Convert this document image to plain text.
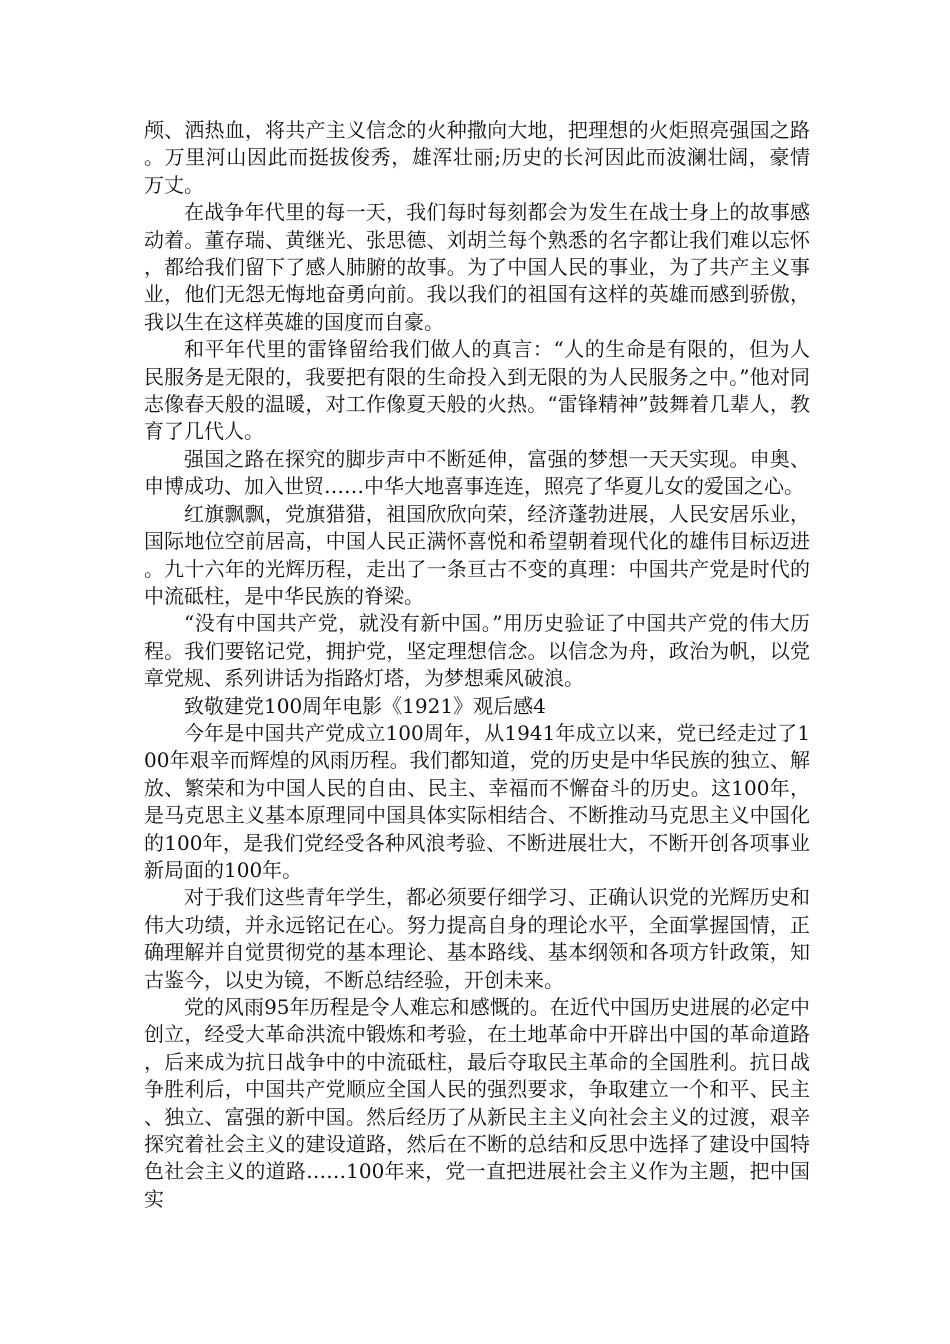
颅、洒热血，将共产主义信念的火种撒向大地，把理想的火炬照亮强国之路。万里河山因此而挺拔俊秀，雄浑壮丽;历史的长河因此而波澜壮阔，豪情万丈。

在战争年代里的每一天，我们每时每刻都会为发生在战士身上的故事感动着。董存瑞、黄继光、张思德、刘胡兰每个熟悉的名字都让我们难以忘怀，都给我们留下了感人肺腑的故事。为了中国人民的事业，为了共产主义事业，他们无怨无悔地奋勇向前。我以我们的祖国有这样的英雄而感到骄傲，我以生在这样英雄的国度而自豪。

和平年代里的雷锋留给我们做人的真言：“人的生命是有限的，但为人民服务是无限的，我要把有限的生命投入到无限的为人民服务之中。”他对同志像春天般的温暖，对工作像夏天般的火热。“雷锋精神”鼓舞着几辈人，教育了几代人。

强国之路在探究的脚步声中不断延伸，富强的梦想一天天实现。申奥、申博成功、加入世贸……中华大地喜事连连，照亮了华夏儿女的爱国之心。

红旗飘飘，党旗猎猎，祖国欣欣向荣，经济蓬勃进展，人民安居乐业，国际地位空前居高，中国人民正满怀喜悦和希望朝着现代化的雄伟目标迈进。九十六年的光辉历程，走出了一条亘古不变的真理：中国共产党是时代的中流砥柱，是中华民族的脊梁。

“没有中国共产党，就没有新中国。”用历史验证了中国共产党的伟大历程。我们要铭记党，拥护党，坚定理想信念。以信念为舟，政治为帆，以党章党规、系列讲话为指路灯塔，为梦想乘风破浪。

致敬建党100周年电影《1921》观后感4

今年是中国共产党成立100周年，从1941年成立以来，党已经走过了100年艰辛而辉煌的风雨历程。我们都知道，党的历史是中华民族的独立、解放、繁荣和为中国人民的自由、民主、幸福而不懈奋斗的历史。这100年，是马克思主义基本原理同中国具体实际相结合、不断推动马克思主义中国化的100年，是我们党经受各种风浪考验、不断进展壮大，不断开创各项事业新局面的100年。

对于我们这些青年学生，都必须要仔细学习、正确认识党的光辉历史和伟大功绩，并永远铭记在心。努力提高自身的理论水平，全面掌握国情，正确理解并自觉贯彻党的基本理论、基本路线、基本纲领和各项方针政策，知古鉴今，以史为镜，不断总结经验，开创未来。

党的风雨95年历程是令人难忘和感慨的。在近代中国历史进展的必定中创立，经受大革命洪流中锻炼和考验，在土地革命中开辟出中国的革命道路，后来成为抗日战争中的中流砥柱，最后夺取民主革命的全国胜利。抗日战争胜利后，中国共产党顺应全国人民的强烈要求，争取建立一个和平、民主、独立、富强的新中国。然后经历了从新民主主义向社会主义的过渡，艰辛探究着社会主义的建设道路，然后在不断的总结和反思中选择了建设中国特色社会主义的道路……100年来，党一直把进展社会主义作为主题，把中国实
